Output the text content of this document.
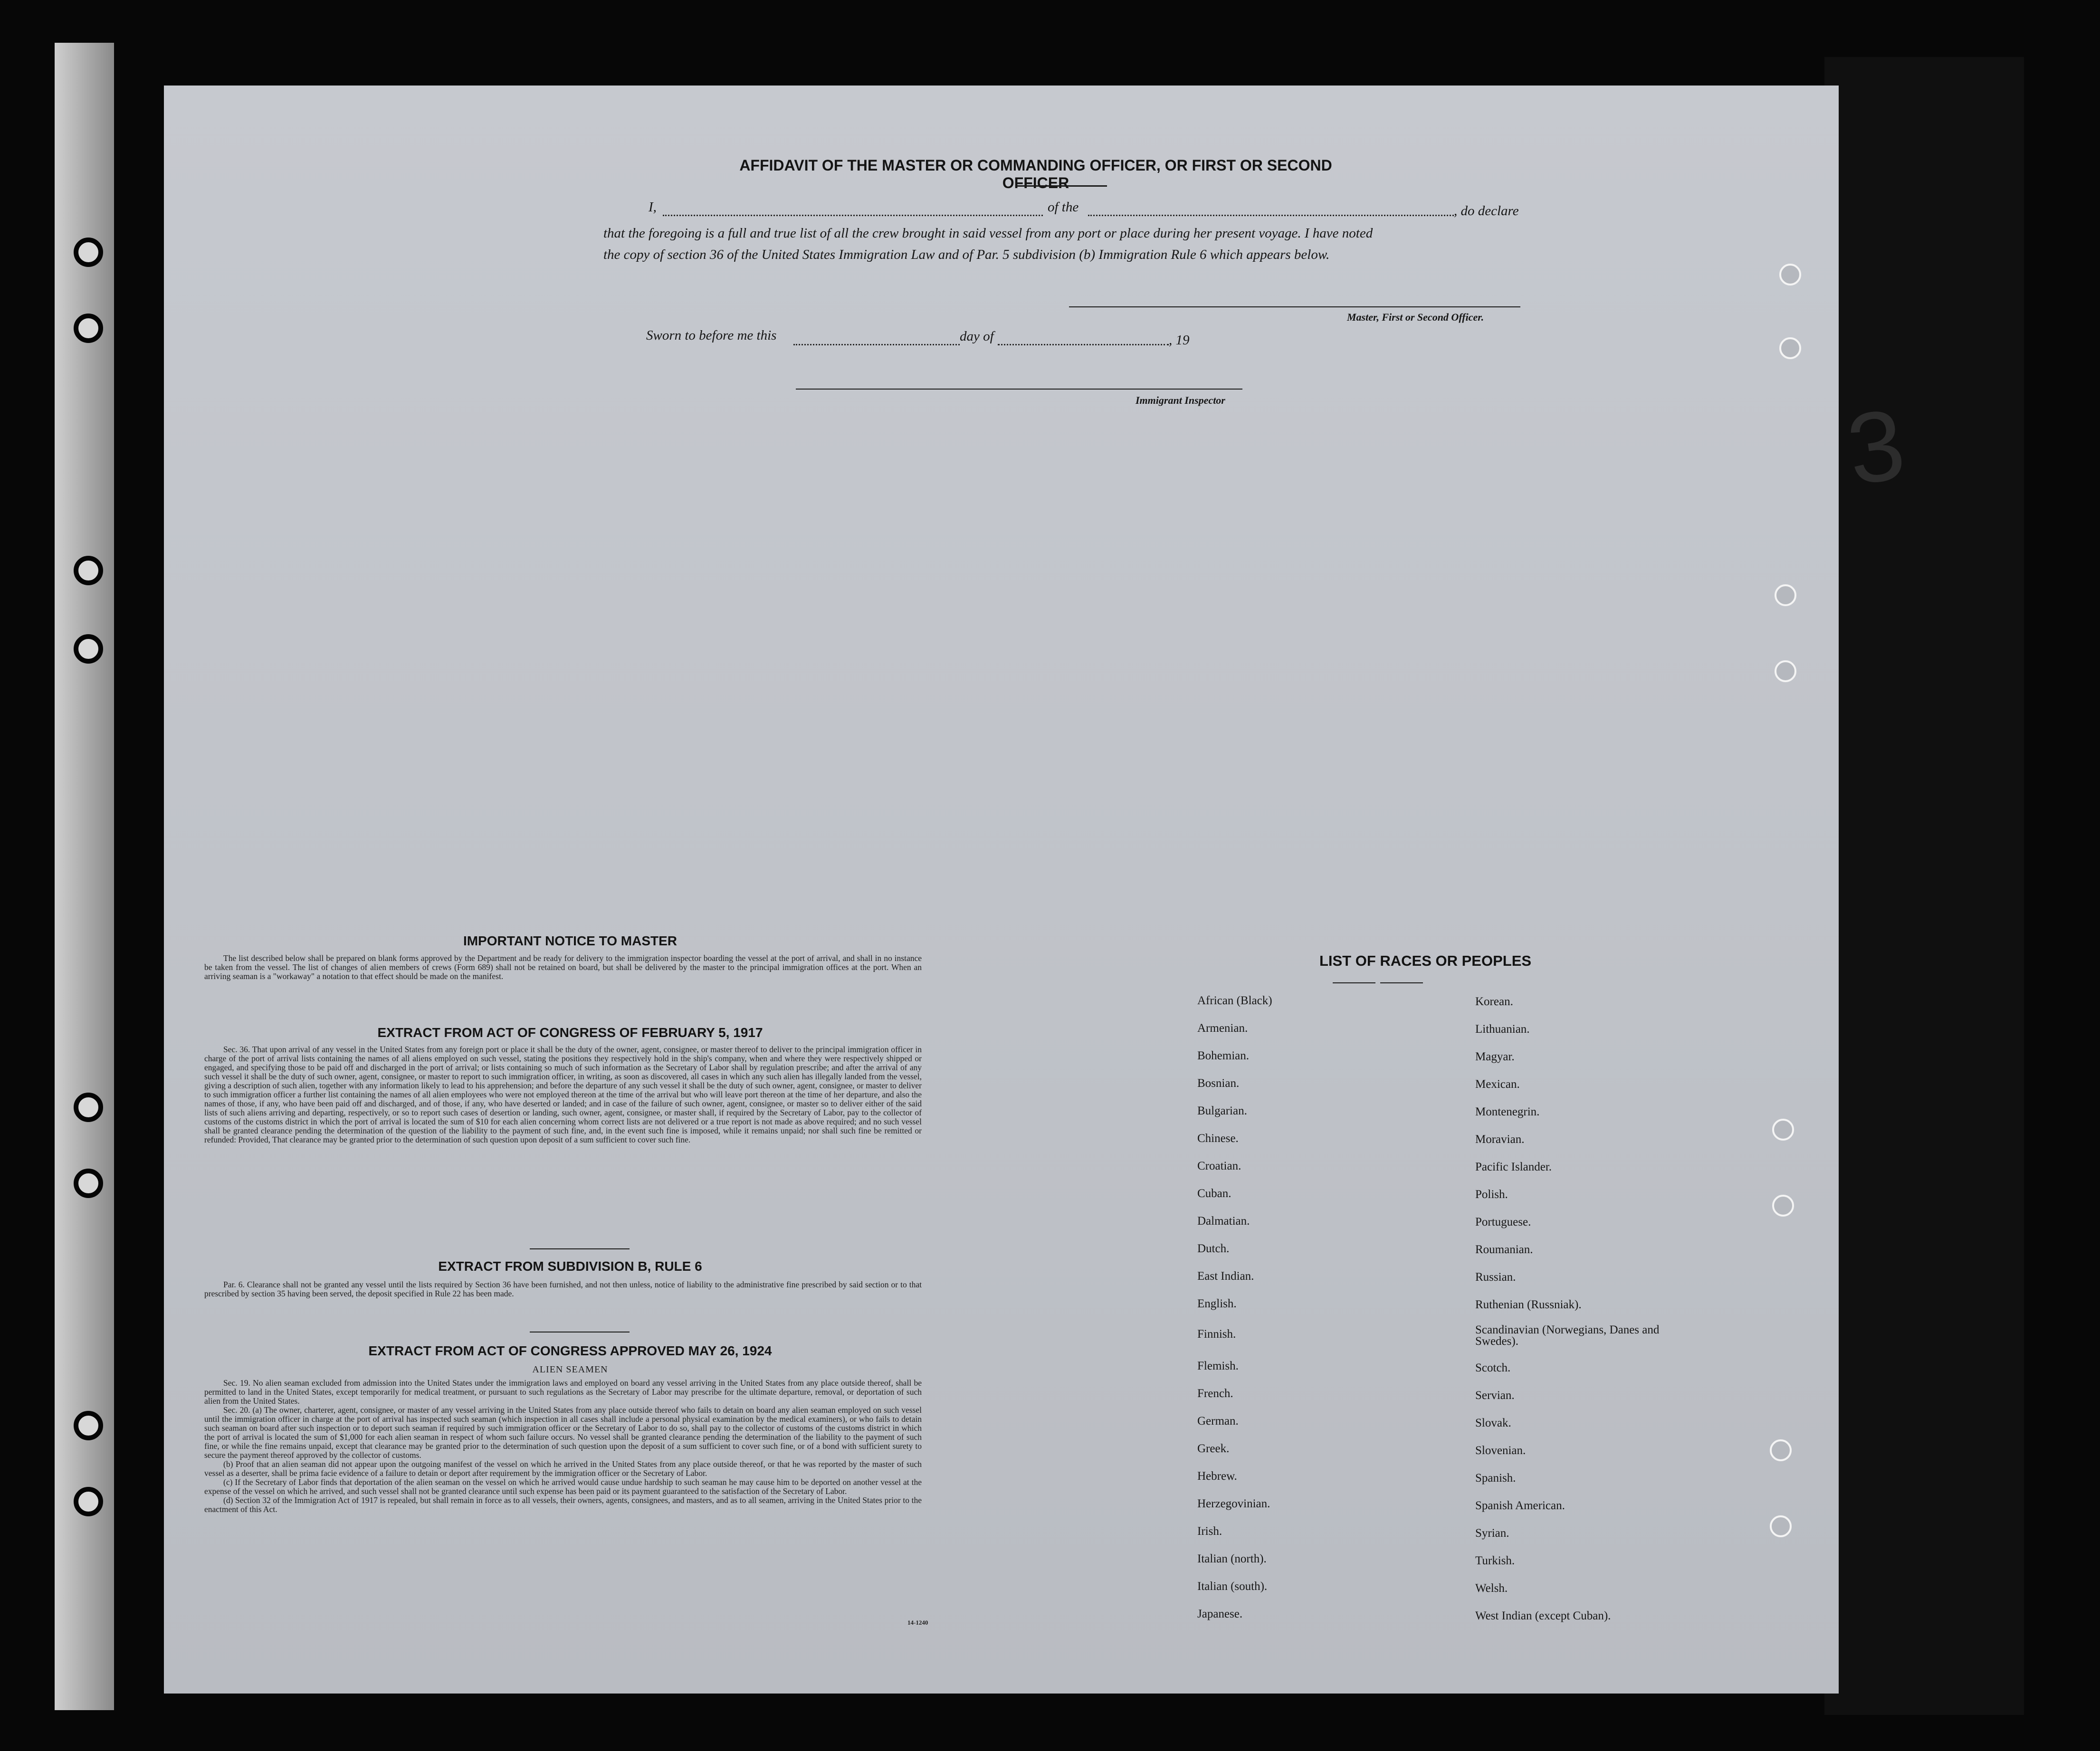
3
AFFIDAVIT OF THE MASTER OR COMMANDING OFFICER, OR FIRST OR SECOND OFFICER
I,	of the	, do declare
that the foregoing is a full and true list of all the crew brought in said vessel from any port or place during her present voyage. I have noted
the copy of section 36 of the United States Immigration Law and of Par. 5 subdivision (b) Immigration Rule 6 which appears below.
Master, First or Second Officer.
Sworn to before me this	day of	, 19
Immigrant Inspector
IMPORTANT NOTICE TO MASTER

The list described below shall be prepared on blank forms approved by the Department and be ready for delivery to the immigration inspector boarding the vessel at the port of arrival, and shall in no instance be taken from the vessel. The list of changes of alien members of crews (Form 689) shall not be retained on board, but shall be delivered by the master to the principal immigration offices at the port. When an arriving seaman is a "workaway" a notation to that effect should be made on the manifest.

EXTRACT FROM ACT OF CONGRESS OF FEBRUARY 5, 1917

Sec. 36. That upon arrival of any vessel in the United States from any foreign port or place it shall be the duty of the owner, agent, consignee, or master thereof to deliver to the principal immigration officer in charge of the port of arrival lists containing the names of all aliens employed on such vessel, stating the positions they respectively hold in the ship's company, when and where they were respectively shipped or engaged, and specifying those to be paid off and discharged in the port of arrival; or lists containing so much of such information as the Secretary of Labor shall by regulation prescribe; and after the arrival of any such vessel it shall be the duty of such owner, agent, consignee, or master to report to such immigration officer, in writing, as soon as discovered, all cases in which any such alien has illegally landed from the vessel, giving a description of such alien, together with any information likely to lead to his apprehension; and before the departure of any such vessel it shall be the duty of such owner, agent, consignee, or master to deliver to such immigration officer a further list containing the names of all alien employees who were not employed thereon at the time of the arrival but who will leave port thereon at the time of her departure, and also the names of those, if any, who have been paid off and discharged, and of those, if any, who have deserted or landed; and in case of the failure of such owner, agent, consignee, or master so to deliver either of the said lists of such aliens arriving and departing, respectively, or so to report such cases of desertion or landing, such owner, agent, consignee, or master shall, if required by the Secretary of Labor, pay to the collector of customs of the customs district in which the port of arrival is located the sum of $10 for each alien concerning whom correct lists are not delivered or a true report is not made as above required; and no such vessel shall be granted clearance pending the determination of the question of the liability to the payment of such fine, and, in the event such fine is imposed, while it remains unpaid; nor shall such fine be remitted or refunded: Provided, That clearance may be granted prior to the determination of such question upon deposit of a sum sufficient to cover such fine.

EXTRACT FROM SUBDIVISION B, RULE 6

Par. 6. Clearance shall not be granted any vessel until the lists required by Section 36 have been furnished, and not then unless, notice of liability to the administrative fine prescribed by said section or to that prescribed by section 35 having been served, the deposit specified in Rule 22 has been made.

EXTRACT FROM ACT OF CONGRESS APPROVED MAY 26, 1924
ALIEN SEAMEN

Sec. 19. No alien seaman excluded from admission into the United States under the immigration laws and employed on board any vessel arriving in the United States from any place outside thereof, shall be permitted to land in the United States, except temporarily for medical treatment, or pursuant to such regulations as the Secretary of Labor may prescribe for the ultimate departure, removal, or deportation of such alien from the United States.

Sec. 20. (a) The owner, charterer, agent, consignee, or master of any vessel arriving in the United States from any place outside thereof who fails to detain on board any alien seaman employed on such vessel until the immigration officer in charge at the port of arrival has inspected such seaman (which inspection in all cases shall include a personal physical examination by the medical examiners), or who fails to detain such seaman on board after such inspection or to deport such seaman if required by such immigration officer or the Secretary of Labor to do so, shall pay to the collector of customs of the customs district in which the port of arrival is located the sum of $1,000 for each alien seaman in respect of whom such failure occurs. No vessel shall be granted clearance pending the determination of the liability to the payment of such fine, or while the fine remains unpaid, except that clearance may be granted prior to the determination of such question upon the deposit of a sum sufficient to cover such fine, or of a bond with sufficient surety to secure the payment thereof approved by the collector of customs.

(b) Proof that an alien seaman did not appear upon the outgoing manifest of the vessel on which he arrived in the United States from any place outside thereof, or that he was reported by the master of such vessel as a deserter, shall be prima facie evidence of a failure to detain or deport after requirement by the immigration officer or the Secretary of Labor.

(c) If the Secretary of Labor finds that deportation of the alien seaman on the vessel on which he arrived would cause undue hardship to such seaman he may cause him to be deported on another vessel at the expense of the vessel on which he arrived, and such vessel shall not be granted clearance until such expense has been paid or its payment guaranteed to the satisfaction of the Secretary of Labor.

(d) Section 32 of the Immigration Act of 1917 is repealed, but shall remain in force as to all vessels, their owners, agents, consignees, and masters, and as to all seamen, arriving in the United States prior to the enactment of this Act.

14-1240
LIST OF RACES OR PEOPLES
African (Black)
Armenian.
Bohemian.
Bosnian.
Bulgarian.
Chinese.
Croatian.
Cuban.
Dalmatian.
Dutch.
East Indian.
English.
Finnish.
Flemish.
French.
German.
Greek.
Hebrew.
Herzegovinian.
Irish.
Italian (north).
Italian (south).
Japanese.
Korean.
Lithuanian.
Magyar.
Mexican.
Montenegrin.
Moravian.
Pacific Islander.
Polish.
Portuguese.
Roumanian.
Russian.
Ruthenian (Russniak).
Scandinavian (Norwegians, Danes and Swedes).
Scotch.
Servian.
Slovak.
Slovenian.
Spanish.
Spanish American.
Syrian.
Turkish.
Welsh.
West Indian (except Cuban).
